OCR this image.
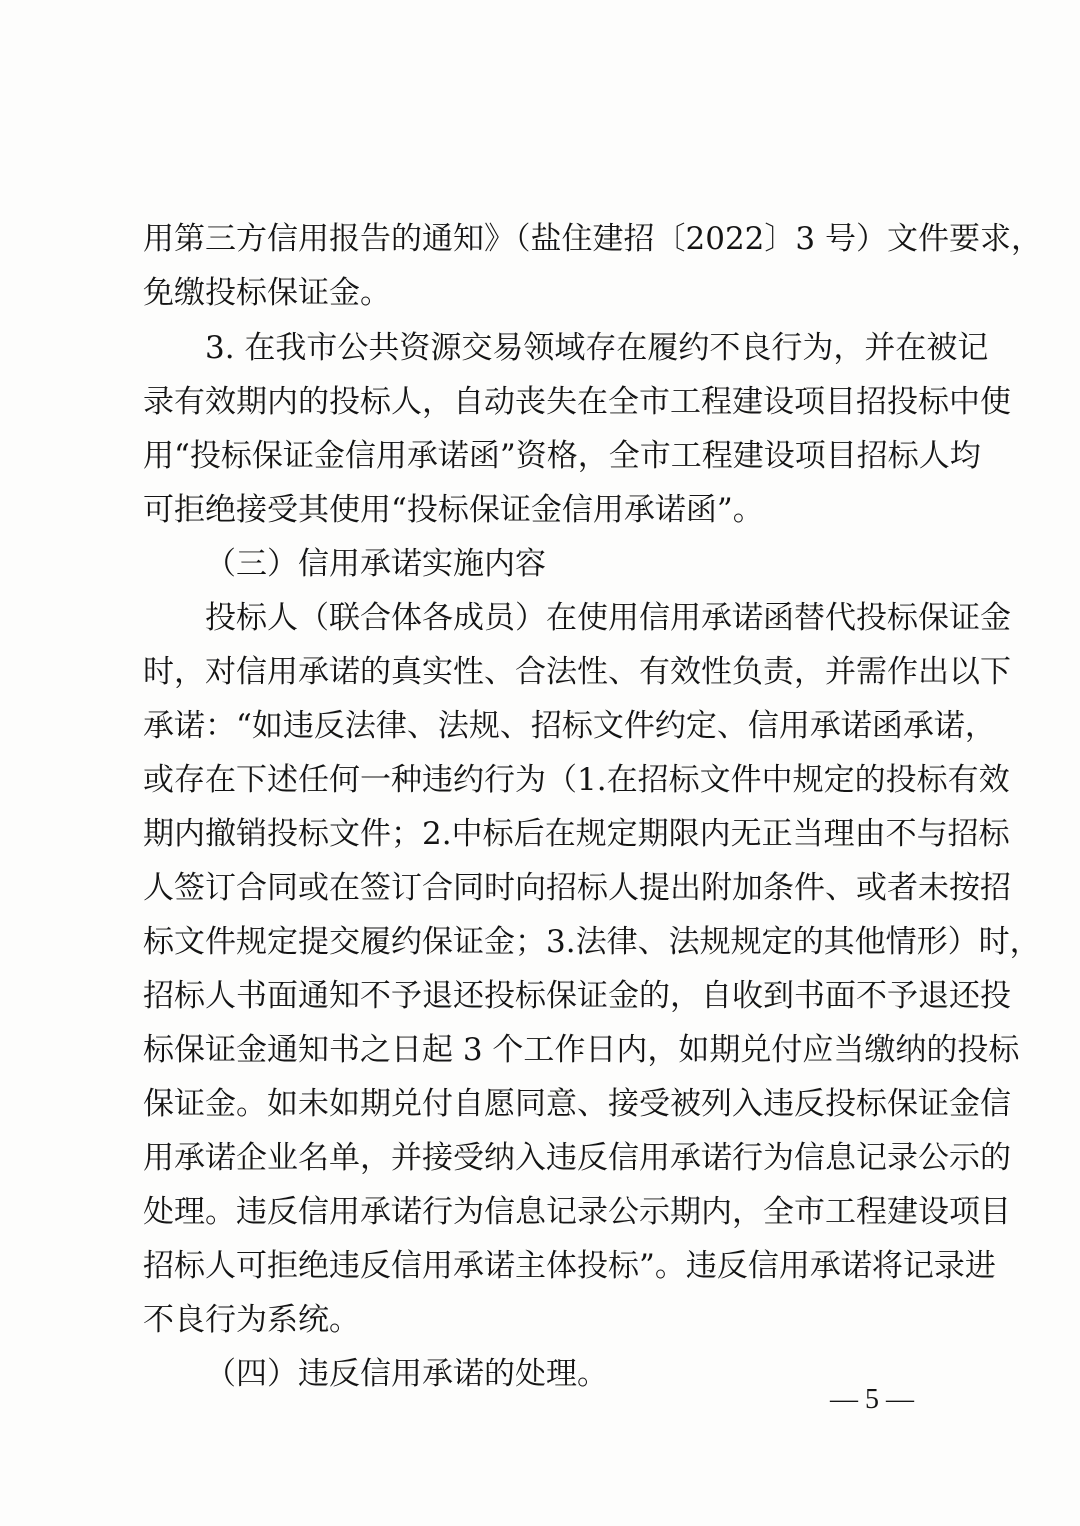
用第三方信用报告的通知》（盐住建招〔2022〕3 号）文件要求，
免缴投标保证金。
3. 在我市公共资源交易领域存在履约不良行为，并在被记
录有效期内的投标人，自动丧失在全市工程建设项目招投标中使
用“投标保证金信用承诺函”资格，全市工程建设项目招标人均
可拒绝接受其使用“投标保证金信用承诺函”。
（三）信用承诺实施内容
投标人（联合体各成员）在使用信用承诺函替代投标保证金
时，对信用承诺的真实性、合法性、有效性负责，并需作出以下
承诺：“如违反法律、法规、招标文件约定、信用承诺函承诺，
或存在下述任何一种违约行为（1.在招标文件中规定的投标有效
期内撤销投标文件；2.中标后在规定期限内无正当理由不与招标
人签订合同或在签订合同时向招标人提出附加条件、或者未按招
标文件规定提交履约保证金；3.法律、法规规定的其他情形）时，
招标人书面通知不予退还投标保证金的，自收到书面不予退还投
标保证金通知书之日起 3 个工作日内，如期兑付应当缴纳的投标
保证金。如未如期兑付自愿同意、接受被列入违反投标保证金信
用承诺企业名单，并接受纳入违反信用承诺行为信息记录公示的
处理。违反信用承诺行为信息记录公示期内，全市工程建设项目
招标人可拒绝违反信用承诺主体投标”。违反信用承诺将记录进
不良行为系统。
（四）违反信用承诺的处理。
— 5 —
